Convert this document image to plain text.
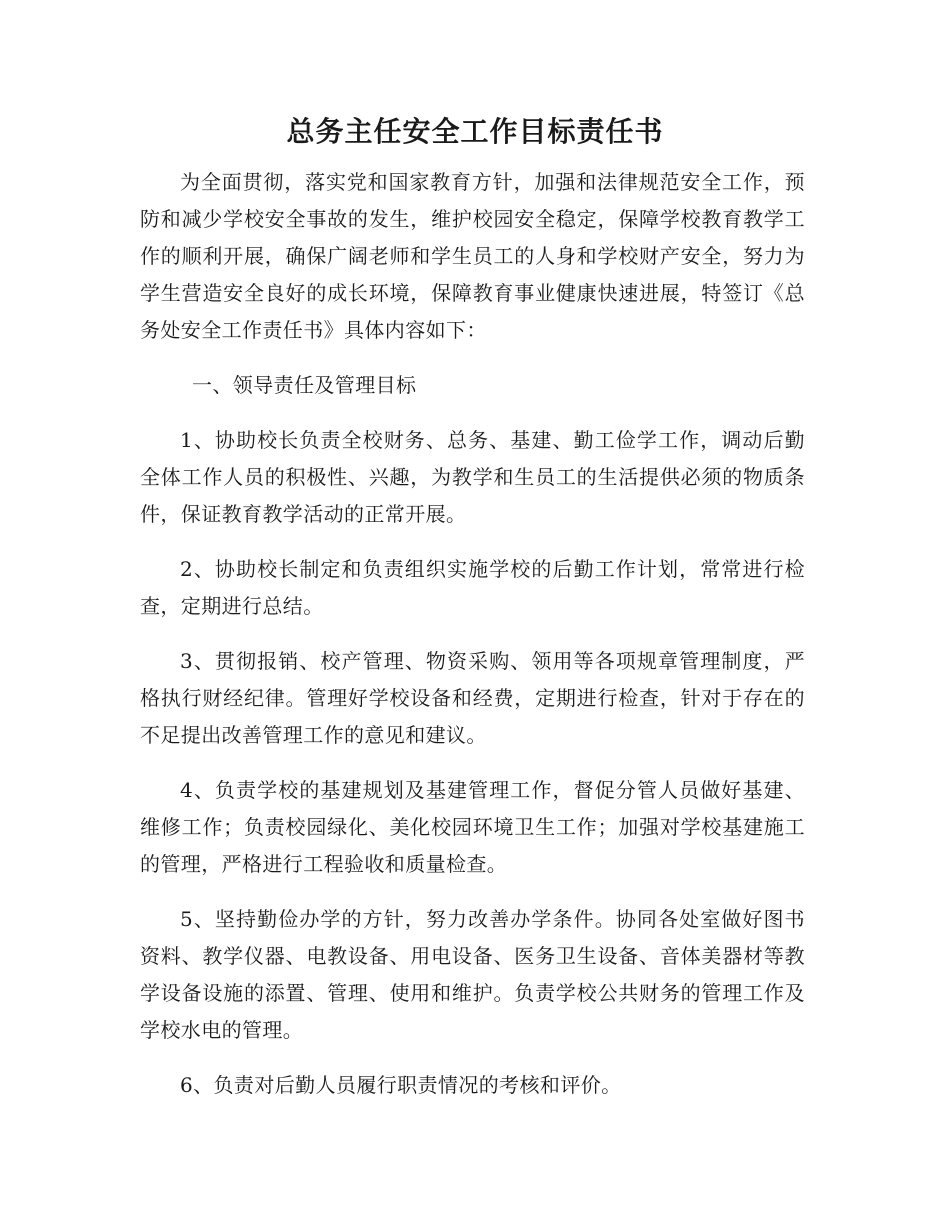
总务主任安全工作目标责任书

为全面贯彻，落实党和国家教育方针，加强和法律规范安全工作，预防和减少学校安全事故的发生，维护校园安全稳定，保障学校教育教学工作的顺利开展，确保广阔老师和学生员工的人身和学校财产安全，努力为学生营造安全良好的成长环境，保障教育事业健康快速进展，特签订《总务处安全工作责任书》具体内容如下：

一、领导责任及管理目标

1、协助校长负责全校财务、总务、基建、勤工俭学工作，调动后勤全体工作人员的积极性、兴趣，为教学和生员工的生活提供必须的物质条件，保证教育教学活动的正常开展。

2、协助校长制定和负责组织实施学校的后勤工作计划，常常进行检查，定期进行总结。

3、贯彻报销、校产管理、物资采购、领用等各项规章管理制度，严格执行财经纪律。管理好学校设备和经费，定期进行检查，针对于存在的不足提出改善管理工作的意见和建议。

4、负责学校的基建规划及基建管理工作，督促分管人员做好基建、维修工作；负责校园绿化、美化校园环境卫生工作；加强对学校基建施工的管理，严格进行工程验收和质量检查。

5、坚持勤俭办学的方针，努力改善办学条件。协同各处室做好图书资料、教学仪器、电教设备、用电设备、医务卫生设备、音体美器材等教学设备设施的添置、管理、使用和维护。负责学校公共财务的管理工作及学校水电的管理。

6、负责对后勤人员履行职责情况的考核和评价。
